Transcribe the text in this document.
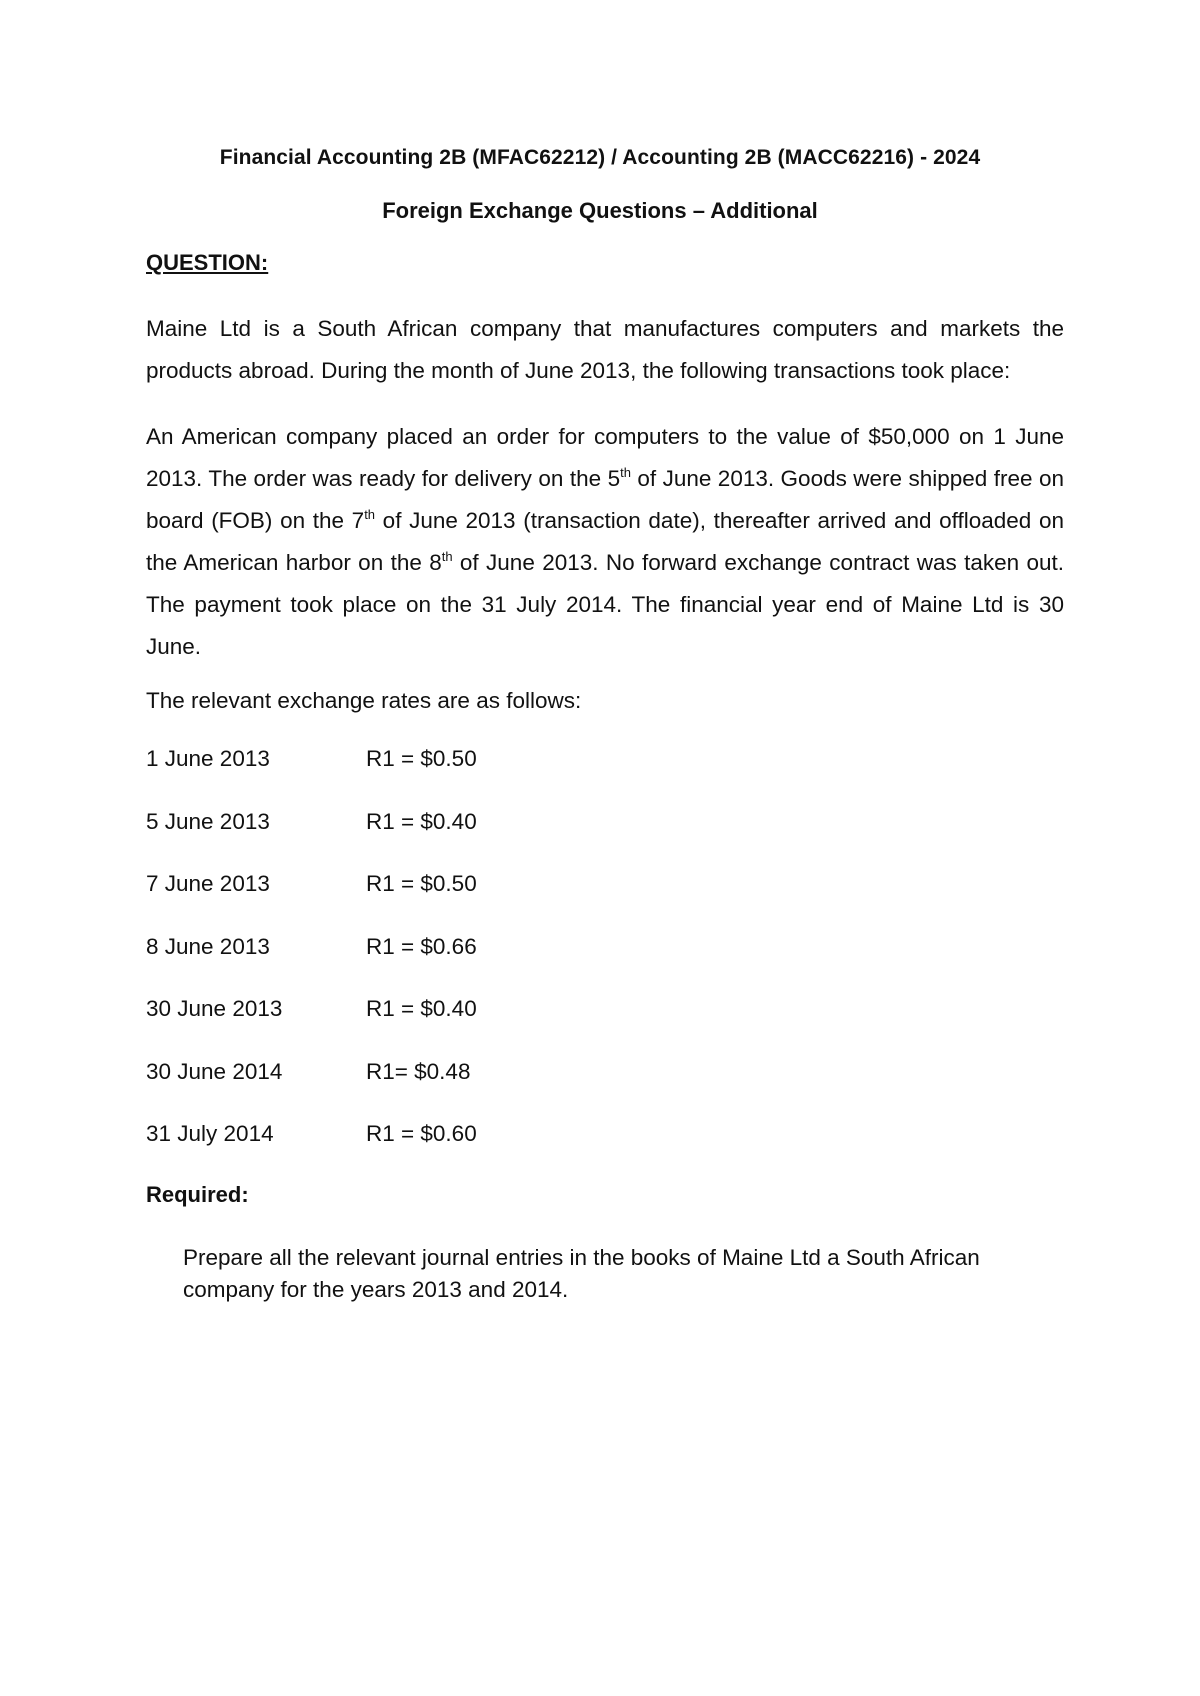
Financial Accounting 2B (MFAC62212) / Accounting 2B (MACC62216) - 2024
Foreign Exchange Questions – Additional
QUESTION:
Maine Ltd is a South African company that manufactures computers and markets the products abroad. During the month of June 2013, the following transactions took place:
An American company placed an order for computers to the value of $50,000 on 1 June 2013. The order was ready for delivery on the 5th of June 2013. Goods were shipped free on board (FOB) on the 7th of June 2013 (transaction date), thereafter arrived and offloaded on the American harbor on the 8th of June 2013. No forward exchange contract was taken out. The payment took place on the 31 July 2014. The financial year end of Maine Ltd is 30 June.
The relevant exchange rates are as follows:
1 June 2013	R1 = $0.50
5 June 2013	R1 = $0.40
7 June 2013	R1 = $0.50
8 June 2013	R1 = $0.66
30 June 2013	R1 = $0.40
30 June 2014	R1= $0.48
31 July 2014	R1 = $0.60
Required:
Prepare all the relevant journal entries in the books of Maine Ltd a South African company for the years 2013 and 2014.
